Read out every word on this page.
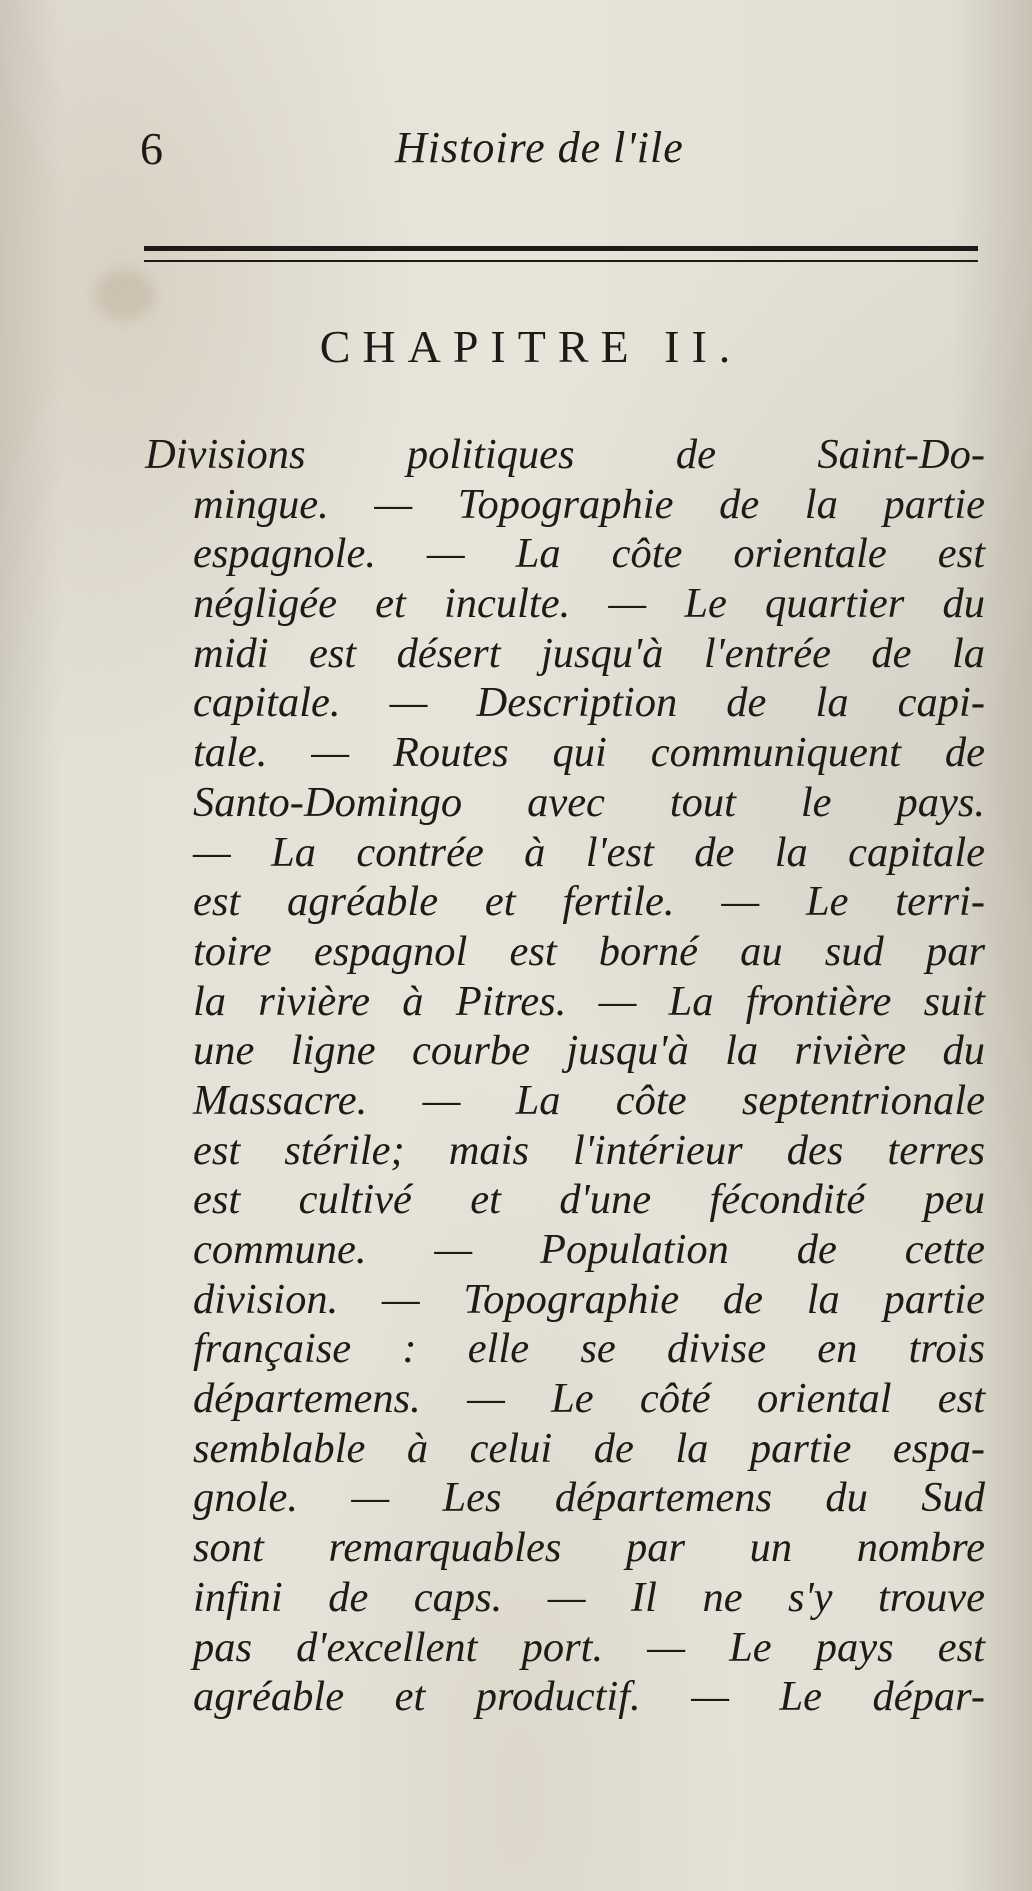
6	Histoire de l'ile
CHAPITRE II.
Divisions politiques de Saint-Do-
mingue. — Topographie de la partie
espagnole. — La côte orientale est
négligée et inculte. — Le quartier du
midi est désert jusqu'à l'entrée de la
capitale. — Description de la capi-
tale. — Routes qui communiquent de
Santo-Domingo avec tout le pays.
— La contrée à l'est de la capitale
est agréable et fertile. — Le terri-
toire espagnol est borné au sud par
la rivière à Pitres. — La frontière suit
une ligne courbe jusqu'à la rivière du
Massacre. — La côte septentrionale
est stérile; mais l'intérieur des terres
est cultivé et d'une fécondité peu
commune. — Population de cette
division. — Topographie de la partie
française : elle se divise en trois
départemens. — Le côté oriental est
semblable à celui de la partie espa-
gnole. — Les départemens du Sud
sont remarquables par un nombre
infini de caps. — Il ne s'y trouve
pas d'excellent port. — Le pays est
agréable et productif. — Le dépar-
